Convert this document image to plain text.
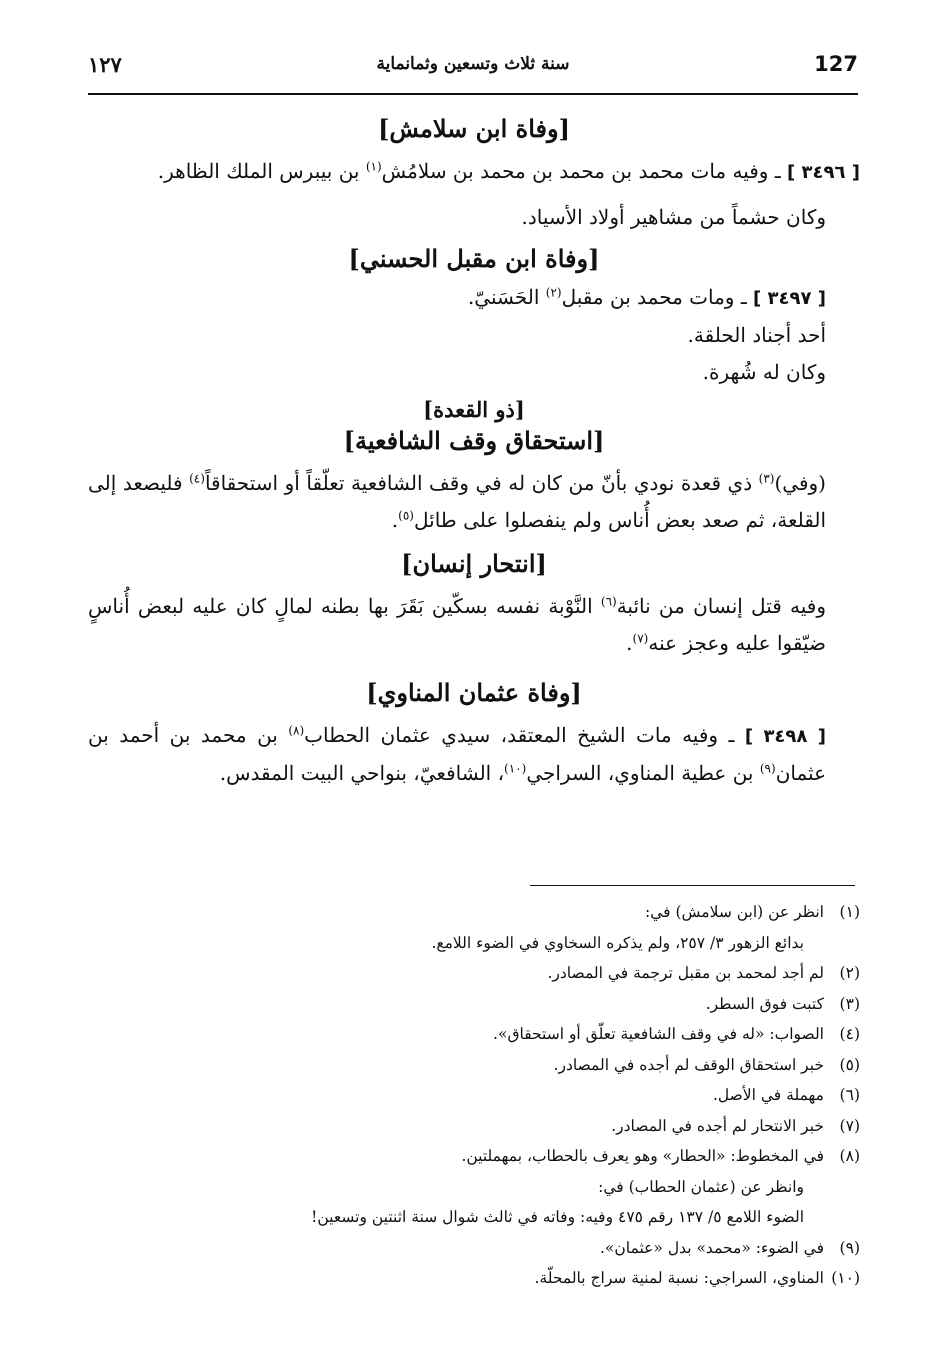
127
سنة ثلاث وتسعين وثمانماية
١٢٧
[وفاة ابن سلامش]

[ ٣٤٩٦ ] ـ وفيه مات محمد بن محمد بن محمد بن سلامُش$^{(١)}$ بن بيبرس الملك الظاهر.

وكان حشماً من مشاهير أولاد الأسياد.

[وفاة ابن مقبل الحسني]

[ ٣٤٩٧ ] ـ ومات محمد بن مقبل$^{(٢)}$ الحَسَنيّ.

أحد أجناد الحلقة.

وكان له شُهرة.

[ذو القعدة]
[استحقاق وقف الشافعية]

(وفي)$^{(٣)}$ ذي قعدة نودي بأنّ من كان له في وقف الشافعية تعلّقاً أو استحقاقاً$^{(٤)}$ فليصعد إلى القلعة، ثم صعد بعض أُناس ولم ينفصلوا على طائل$^{(٥)}$.

[انتحار إنسان]

وفيه قتل إنسان من نائبة$^{(٦)}$ النَّوْبة نفسه بسكّين بَقَرَ بها بطنه لمالٍ كان عليه لبعض أُناسٍ ضيّقوا عليه وعجز عنه$^{(٧)}$.

[وفاة عثمان المناوي]

[ ٣٤٩٨ ] ـ وفيه مات الشيخ المعتقد، سيدي عثمان الحطاب$^{(٨)}$ بن محمد بن أحمد بن عثمان$^{(٩)}$ بن عطية المناوي، السراجي$^{(١٠)}$، الشافعيّ، بنواحي البيت المقدس.

(١)انظر عن (ابن سلامش) في:

بدائع الزهور ٣/ ٢٥٧، ولم يذكره السخاوي في الضوء اللامع.

(٢)لم أجد لمحمد بن مقبل ترجمة في المصادر.

(٣)كتبت فوق السطر.

(٤)الصواب: «له في وقف الشافعية تعلّق أو استحقاق».

(٥)خبر استحقاق الوقف لم أجده في المصادر.

(٦)مهملة في الأصل.

(٧)خبر الانتحار لم أجده في المصادر.

(٨)في المخطوط: «الحطار» وهو يعرف بالحطاب، بمهملتين.

وانظر عن (عثمان الحطاب) في:

الضوء اللامع ٥/ ١٣٧ رقم ٤٧٥ وفيه: وفاته في ثالث شوال سنة اثنتين وتسعين!

(٩)في الضوء: «محمد» بدل «عثمان».

(١٠)المناوي، السراجي: نسبة لمنية سراج بالمحلّة.
